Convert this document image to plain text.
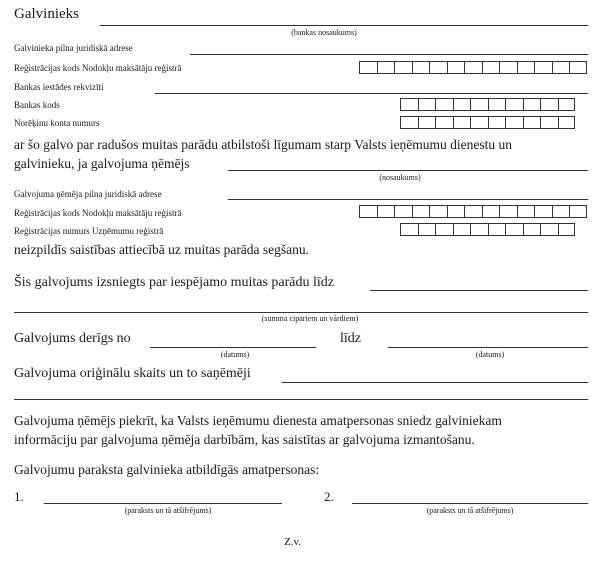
Galvinieks
(bankas nosaukums)
Galvinieka pilna juridiskā adrese
Reģistrācijas kods Nodokļu maksātāju reģistrā
Bankas iestādes rekvizīti
Bankas kods
Norēķinu konta numurs
ar šo galvo par radušos muitas parādu atbilstoši līgumam starp Valsts ieņēmumu dienestu un
galvinieku, ja galvojuma ņēmējs
(nosaukums)
Galvojuma ņēmēja pilna juridiskā adrese
Reģistrācijas kods Nodokļu maksātāju reģistrā
Reģistrācijas numurs Uzņēmumu reģistrā
neizpildīs saistības attiecībā uz muitas parāda segšanu.
Šis galvojums izsniegts par iespējamo muitas parādu līdz
(summa cipariem un vārdiem)
Galvojums derīgs no	līdz
(datums)	(datums)
Galvojuma oriģinālu skaits un to saņēmēji
Galvojuma ņēmējs piekrīt, ka Valsts ieņēmumu dienesta amatpersonas sniedz galviniekam
informāciju par galvojuma ņēmēja darbībām, kas saistītas ar galvojuma izmantošanu.
Galvojumu paraksta galvinieka atbildīgās amatpersonas:
1.
(paraksts un tā atšifrējums)
2.
(paraksts un tā atšifrējums)
Z.v.
